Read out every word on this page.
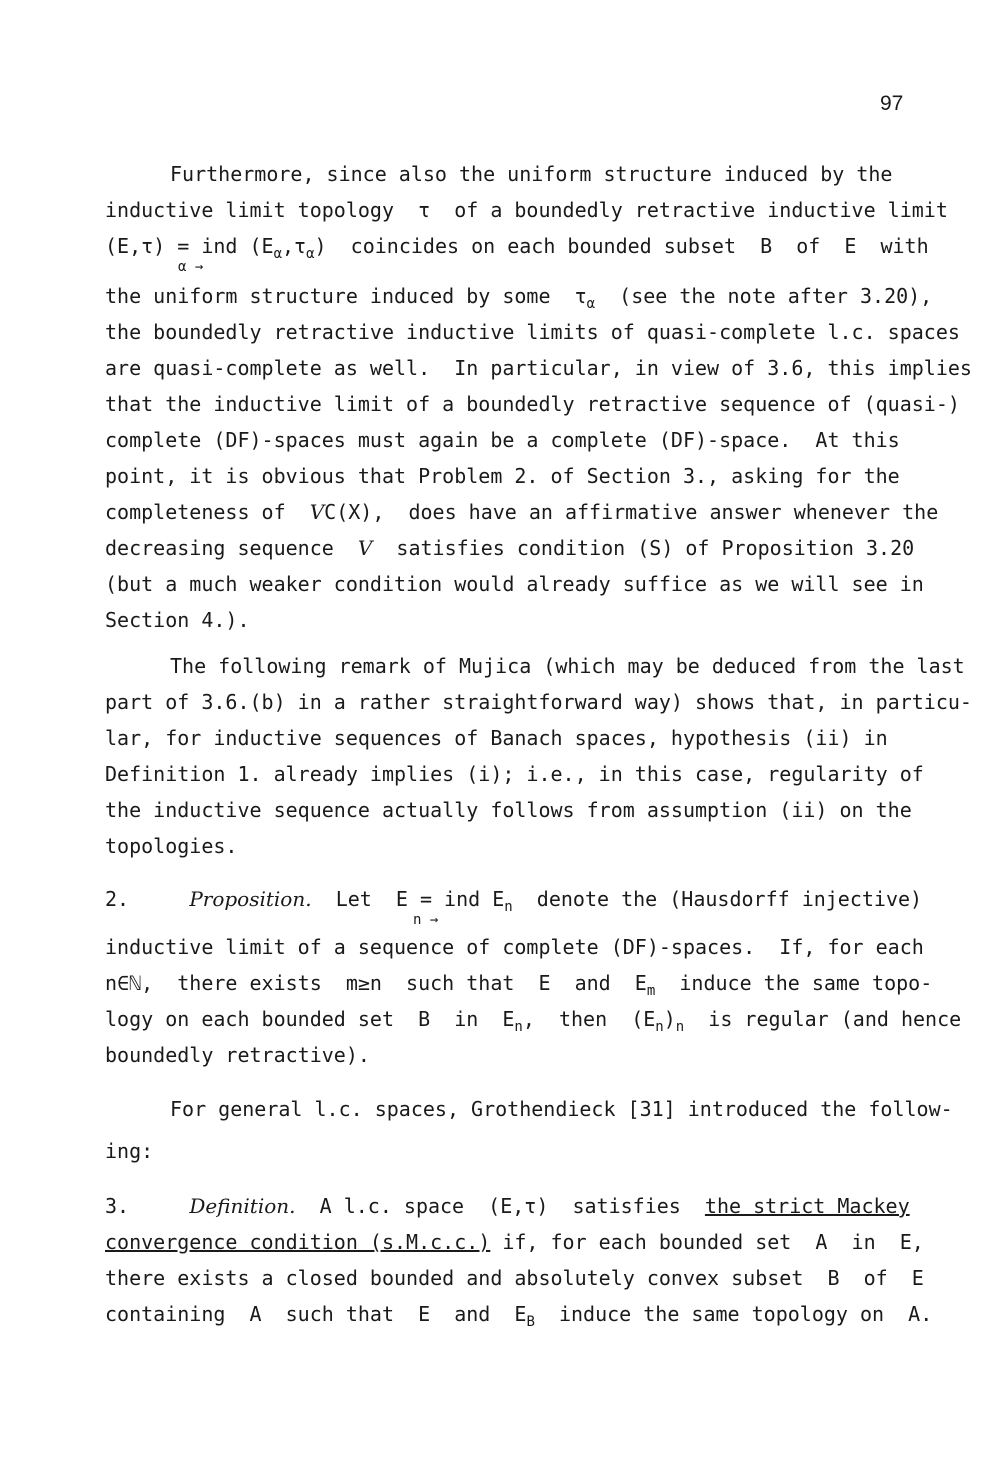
97
Furthermore, since also the uniform structure induced by the
inductive limit topology  τ  of a boundedly retractive inductive limit
(E,τ) = ind $(E_\alpha,\tau_\alpha)$  coincides on each bounded subset  B  of  E  with
α →
the uniform structure induced by some  $\tau_\alpha$  (see the note after 3.20),
the boundedly retractive inductive limits of quasi-complete l.c. spaces
are quasi-complete as well.  In particular, in view of 3.6, this implies
that the inductive limit of a boundedly retractive sequence of (quasi-)
complete (DF)-spaces must again be a complete (DF)-space.  At this
point, it is obvious that Problem 2. of Section 3., asking for the
completeness of  VC(X),  does have an affirmative answer whenever the
decreasing sequence  V  satisfies condition (S) of Proposition 3.20
(but a much weaker condition would already suffice as we will see in
Section 4.).
The following remark of Mujica (which may be deduced from the last
part of 3.6.(b) in a rather straightforward way) shows that, in particu-
lar, for inductive sequences of Banach spaces, hypothesis (ii) in
Definition 1. already implies (i); i.e., in this case, regularity of
the inductive sequence actually follows from assumption (ii) on the
topologies.
2.	Proposition. Let  E = ind $E_n$  denote the (Hausdorff injective)
n →
inductive limit of a sequence of complete (DF)-spaces.  If, for each
n∈ℕ,  there exists  m≥n  such that  E  and  $E_m$  induce the same topo-
logy on each bounded set  B  in  $E_n$,  then  $(E_n)_n$  is regular (and hence
boundedly retractive).
For general l.c. spaces, Grothendieck [31] introduced the follow-
ing:
3.	Definition. A l.c. space  (E,τ)  satisfies  the strict Mackey
convergence condition (s.M.c.c.) if, for each bounded set  A  in  E,
there exists a closed bounded and absolutely convex subset  B  of  E
containing  A  such that  E  and  $E_B$  induce the same topology on  A.
